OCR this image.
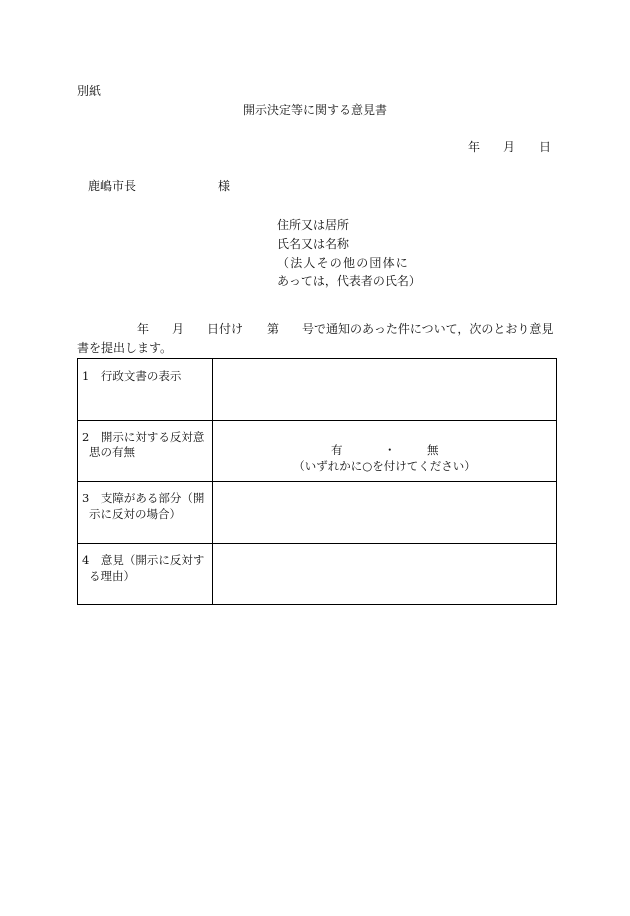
別紙
開示決定等に関する意見書
年 月 日
鹿嶋市長	様
住所又は居所
氏名又は名称
（法人その他の団体に
あっては，代表者の氏名）
年 月 日付け 第 号で通知のあった件について，次のとおり意見
書を提出します。
1　行政文書の表示
2　開示に対する反対意
思の有無	有	・	無
（いずれかに○を付けてください）
3　支障がある部分（開
示に反対の場合）
4　意見（開示に反対す
る理由）
